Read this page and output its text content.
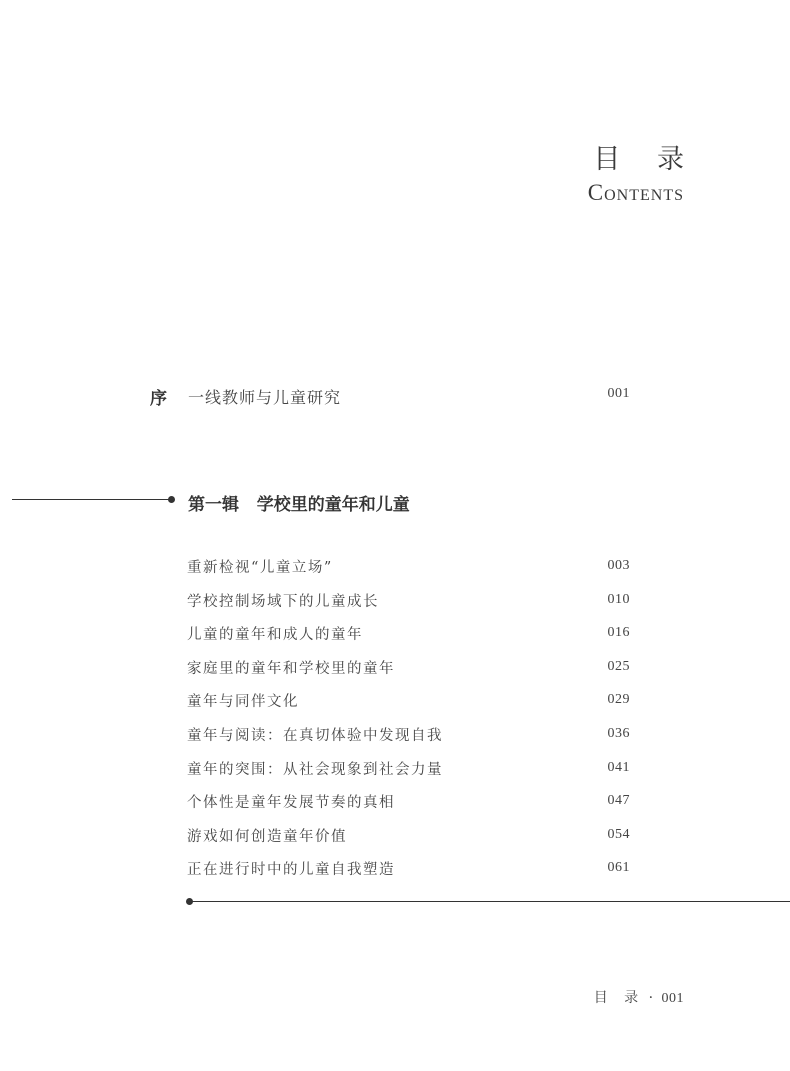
目 录
Contents
序 一线教师与儿童研究	001
第一辑   学校里的童年和儿童
重新检视“儿童立场”	003
学校控制场域下的儿童成长	010
儿童的童年和成人的童年	016
家庭里的童年和学校里的童年	025
童年与同伴文化	029
童年与阅读：在真切体验中发现自我	036
童年的突围：从社会现象到社会力量	041
个体性是童年发展节奏的真相	047
游戏如何创造童年价值	054
正在进行时中的儿童自我塑造	061
目 录 · 001
